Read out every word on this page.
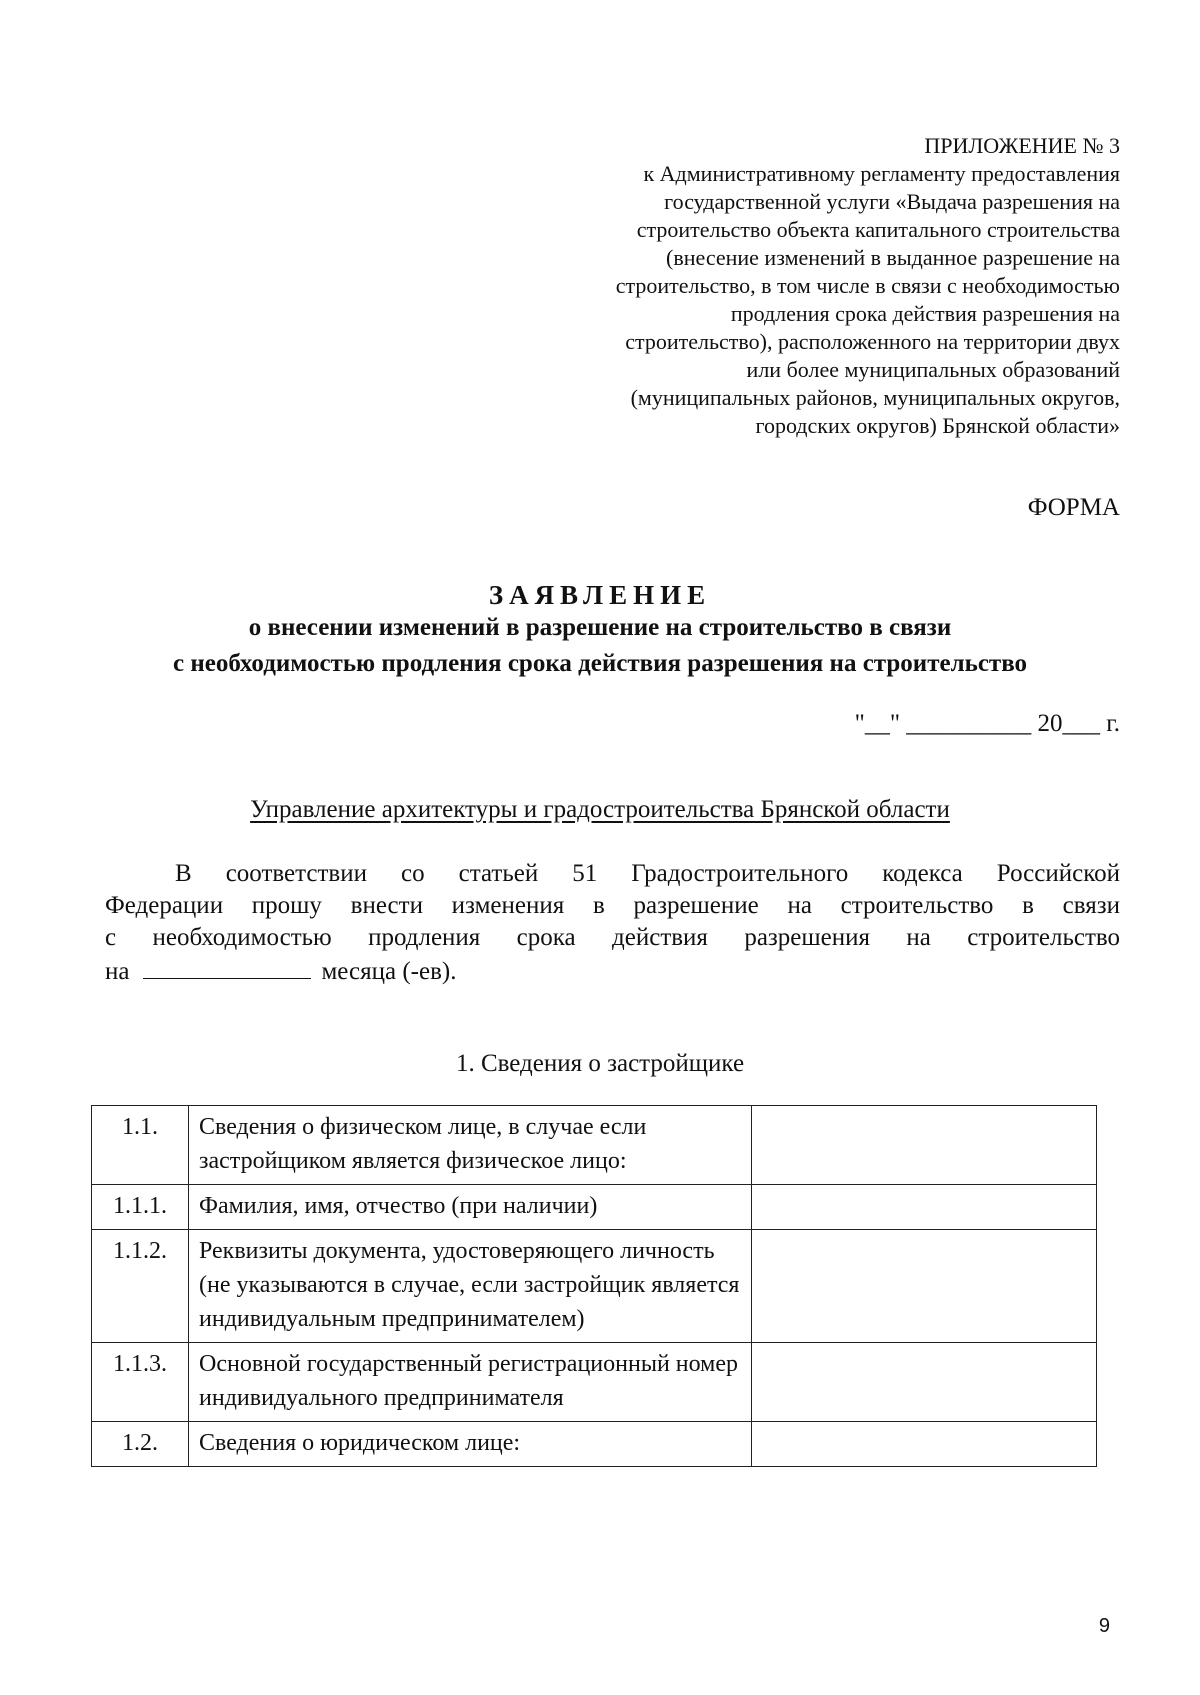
ПРИЛОЖЕНИЕ № 3
к Административному регламенту предоставления
государственной услуги «Выдача разрешения на
строительство объекта капитального строительства
(внесение изменений в выданное разрешение на
строительство, в том числе в связи с необходимостью
продления срока действия разрешения на
строительство), расположенного на территории двух
или более муниципальных образований
(муниципальных районов, муниципальных округов,
городских округов) Брянской области»
ФОРМА
ЗАЯВЛЕНИЕ
о внесении изменений в разрешение на строительство в связи
с необходимостью продления срока действия разрешения на строительство
"__" __________ 20___ г.
Управление архитектуры и градостроительства Брянской области
В соответствии со статьей 51 Градостроительного кодекса Российской
Федерации прошу внести изменения в разрешение на строительство в связи
с необходимостью продления срока действия разрешения на строительство
на	месяца (-ев).
1. Сведения о застройщике
1.1.	Сведения о физическом лице, в случае если застройщиком является физическое лицо:	
1.1.1.	Фамилия, имя, отчество (при наличии)	
1.1.2.	Реквизиты документа, удостоверяющего личность (не указываются в случае, если застройщик является индивидуальным предпринимателем)	
1.1.3.	Основной государственный регистрационный номер индивидуального предпринимателя	
1.2.	Сведения о юридическом лице:	
9
